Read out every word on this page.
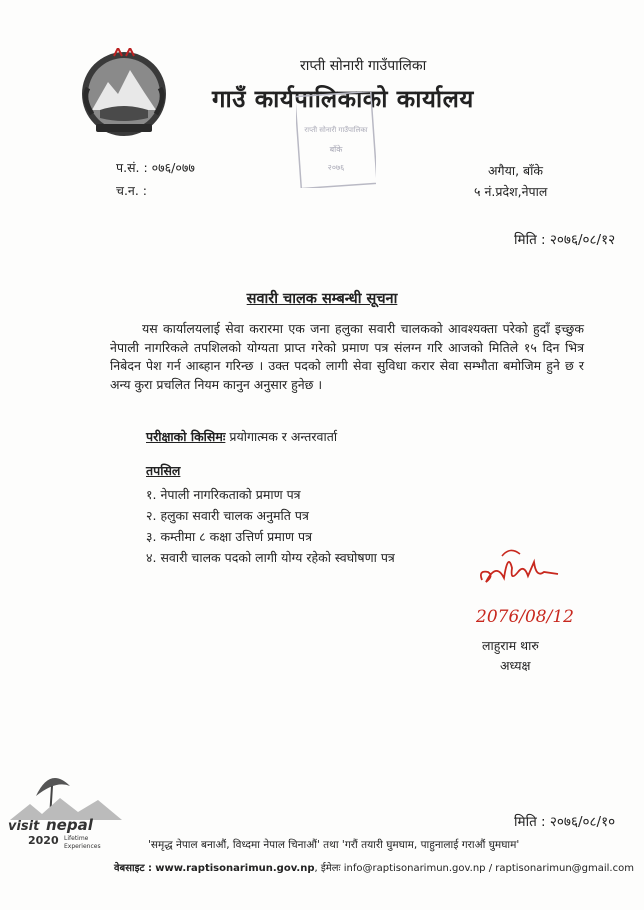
राप्ती सोनारी गाउँपालिका
गाउँ कार्यपालिकाको कार्यालय
राप्ती सोनारी गाउँपालिका
बाँके
२०७६
प.सं. : ०७६/०७७
च.न. :
अगैया, बाँके
५ नं.प्रदेश,नेपाल
मिति : २०७६/०८/१२
सवारी चालक सम्बन्धी सूचना
यस कार्यालयलाई सेवा करारमा एक जना हलुका सवारी चालकको आवश्यक्ता परेको हुदाँ इच्छुक नेपाली नागरिकले तपशिलको योग्यता प्राप्त गरेको प्रमाण पत्र संलग्न गरि आजको मितिले १५ दिन भित्र निबेदन पेश गर्न आब्हान गरिन्छ । उक्त पदको लागी सेवा सुविधा करार सेवा सम्भौता बमोजिम हुने छ र अन्य कुरा प्रचलित नियम कानुन अनुसार हुनेछ ।
परीक्षाको किसिमः प्रयोगात्मक र अन्तरवार्ता
तपसिल
१. नेपाली नागरिकताको प्रमाण पत्र
२. हलुका सवारी चालक अनुमति पत्र
३. कम्तीमा ८ कक्षा उत्तिर्ण प्रमाण पत्र
४. सवारी चालक पदको लागी योग्य रहेको स्वघोषणा पत्र
2076/08/12
लाहुराम थारु
अध्यक्ष
visit nepal
2020 Lifetime
Experiences
मिति : २०७६/०८/१०
'समृद्ध नेपाल बनाऔं, विध्दमा नेपाल चिनाऔं' तथा 'गरौं तयारी घुमघाम, पाहुनालाई गराऔं घुमघाम'
वेबसाइट : www.raptisonarimun.gov.np, ईमेलः info@raptisonarimun.gov.np / raptisonarimun@gmail.com
